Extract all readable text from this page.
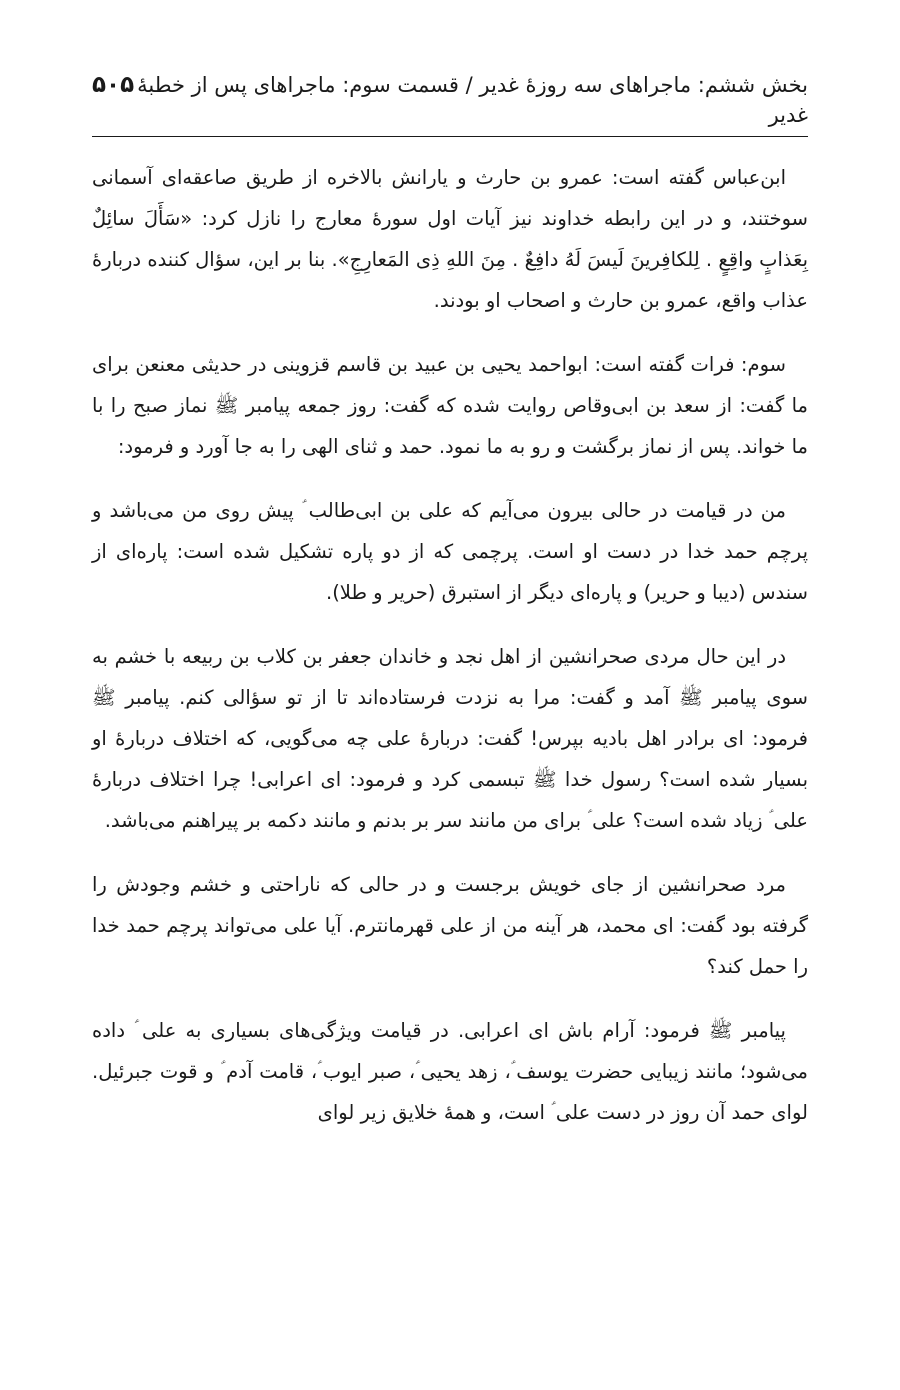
بخش ششم: ماجراهای سه روزۀ غدیر / قسمت سوم: ماجراهای پس از خطبۀ غدیر
۵۰۵

ابن‌عباس گفته است: عمرو بن حارث و یارانش بالاخره از طریق صاعقه‌ای آسمانی سوختند، و در این رابطه خداوند نیز آیات اول سورۀ معارج را نازل کرد: «سَأَلَ سائِلٌ بِعَذابٍ واقِعٍ . لِلکافِرینَ لَیسَ لَهُ دافِعٌ . مِنَ اللهِ ذِی المَعارِجِ». بنا بر این، سؤال کننده دربارۀ عذاب واقع، عمرو بن حارث و اصحاب او بودند.

سوم: فرات گفته است: ابواحمد یحیی بن عبید بن قاسم قزوینی در حدیثی معنعن برای ما گفت: از سعد بن ابی‌وقاص روایت شده که گفت: روز جمعه پیامبر ﷺ نماز صبح را با ما خواند. پس از نماز برگشت و رو به ما نمود. حمد و ثنای الهی را به جا آورد و فرمود:

من در قیامت در حالی بیرون می‌آیم که علی بن ابی‌طالب ؑ پیش روی من می‌باشد و پرچم حمد خدا در دست او است. پرچمی که از دو پاره تشکیل شده است: پاره‌ای از سندس (دیبا و حریر) و پاره‌ای دیگر از استبرق (حریر و طلا).

در این حال مردی صحرانشین از اهل نجد و خاندان جعفر بن کلاب بن ربیعه با خشم به سوی پیامبر ﷺ آمد و گفت: مرا به نزدت فرستاده‌اند تا از تو سؤالی کنم. پیامبر ﷺ فرمود: ای برادر اهل بادیه بپرس! گفت: دربارۀ علی چه می‌گویی، که اختلاف دربارۀ او بسیار شده است؟ رسول خدا ﷺ تبسمی کرد و فرمود: ای اعرابی! چرا اختلاف دربارۀ علی ؑ زیاد شده است؟ علی ؑ برای من مانند سر بر بدنم و مانند دکمه بر پیراهنم می‌باشد.

مرد صحرانشین از جای خویش برجست و در حالی که ناراحتی و خشم وجودش را گرفته بود گفت: ای محمد، هر آینه من از علی قهرمانترم. آیا علی می‌تواند پرچم حمد خدا را حمل کند؟

پیامبر ﷺ فرمود: آرام باش ای اعرابی. در قیامت ویژگی‌های بسیاری به علی ؑ داده می‌شود؛ مانند زیبایی حضرت یوسف ؑ، زهد یحیی ؑ، صبر ایوب ؑ، قامت آدم ؑ و قوت جبرئیل. لوای حمد آن روز در دست علی ؑ است، و همۀ خلایق زیر لوای
